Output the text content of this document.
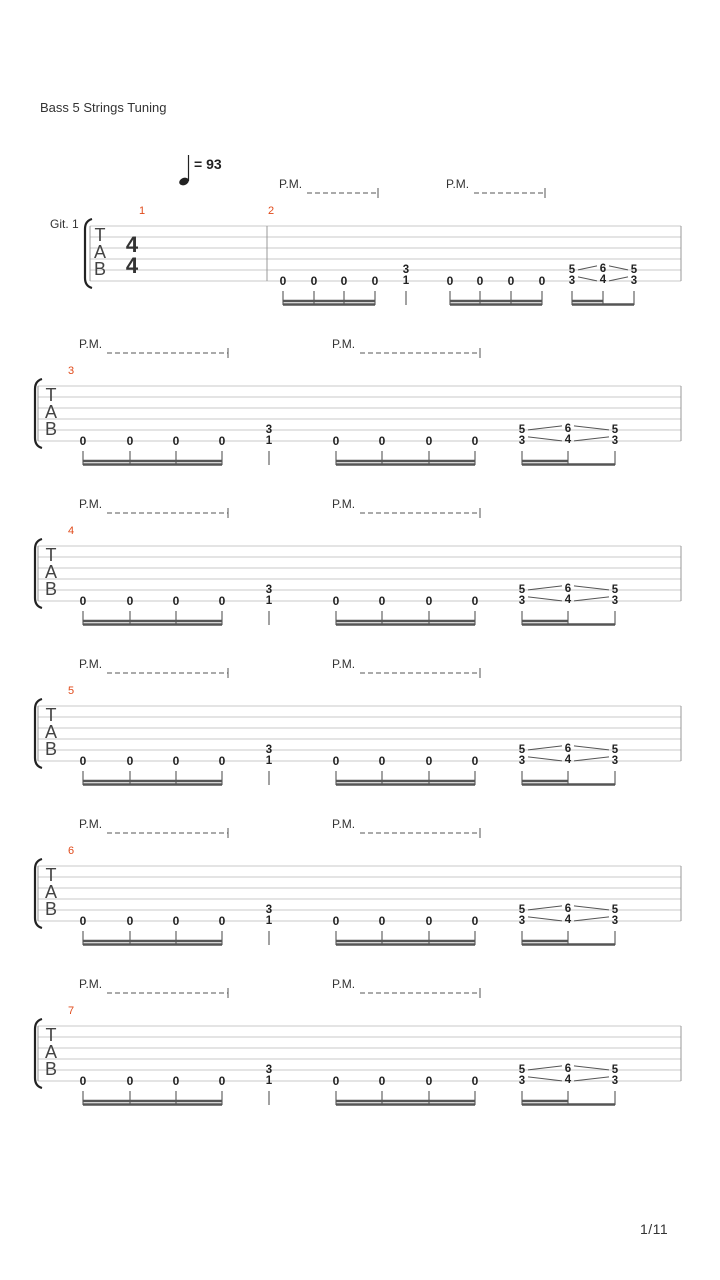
Bass 5 Strings Tuning
= 93
Git. 1
T
A
B
4
4
1	2
P.M.	P.M.
0 0 0 0
3
1	0 0 0 0
5
3
6
4
5
3
T
A
B
3
P.M.	P.M.
0	0	0	0
3
1	0	0	0	0
5
3
6
4
5
3
T
A
B
4
P.M.	P.M.
0	0	0	0
3
1	0	0	0	0
5
3
6
4
5
3
T
A
B
5
P.M.	P.M.
0	0	0	0
3
1	0	0	0	0
5
3
6
4
5
3
T
A
B
6
P.M.	P.M.
0	0	0	0
3
1	0	0	0	0
5
3
6
4
5
3
T
A
B
7
P.M.	P.M.
0	0	0	0
3
1	0	0	0	0
5
3
6
4
5
3
1/11
